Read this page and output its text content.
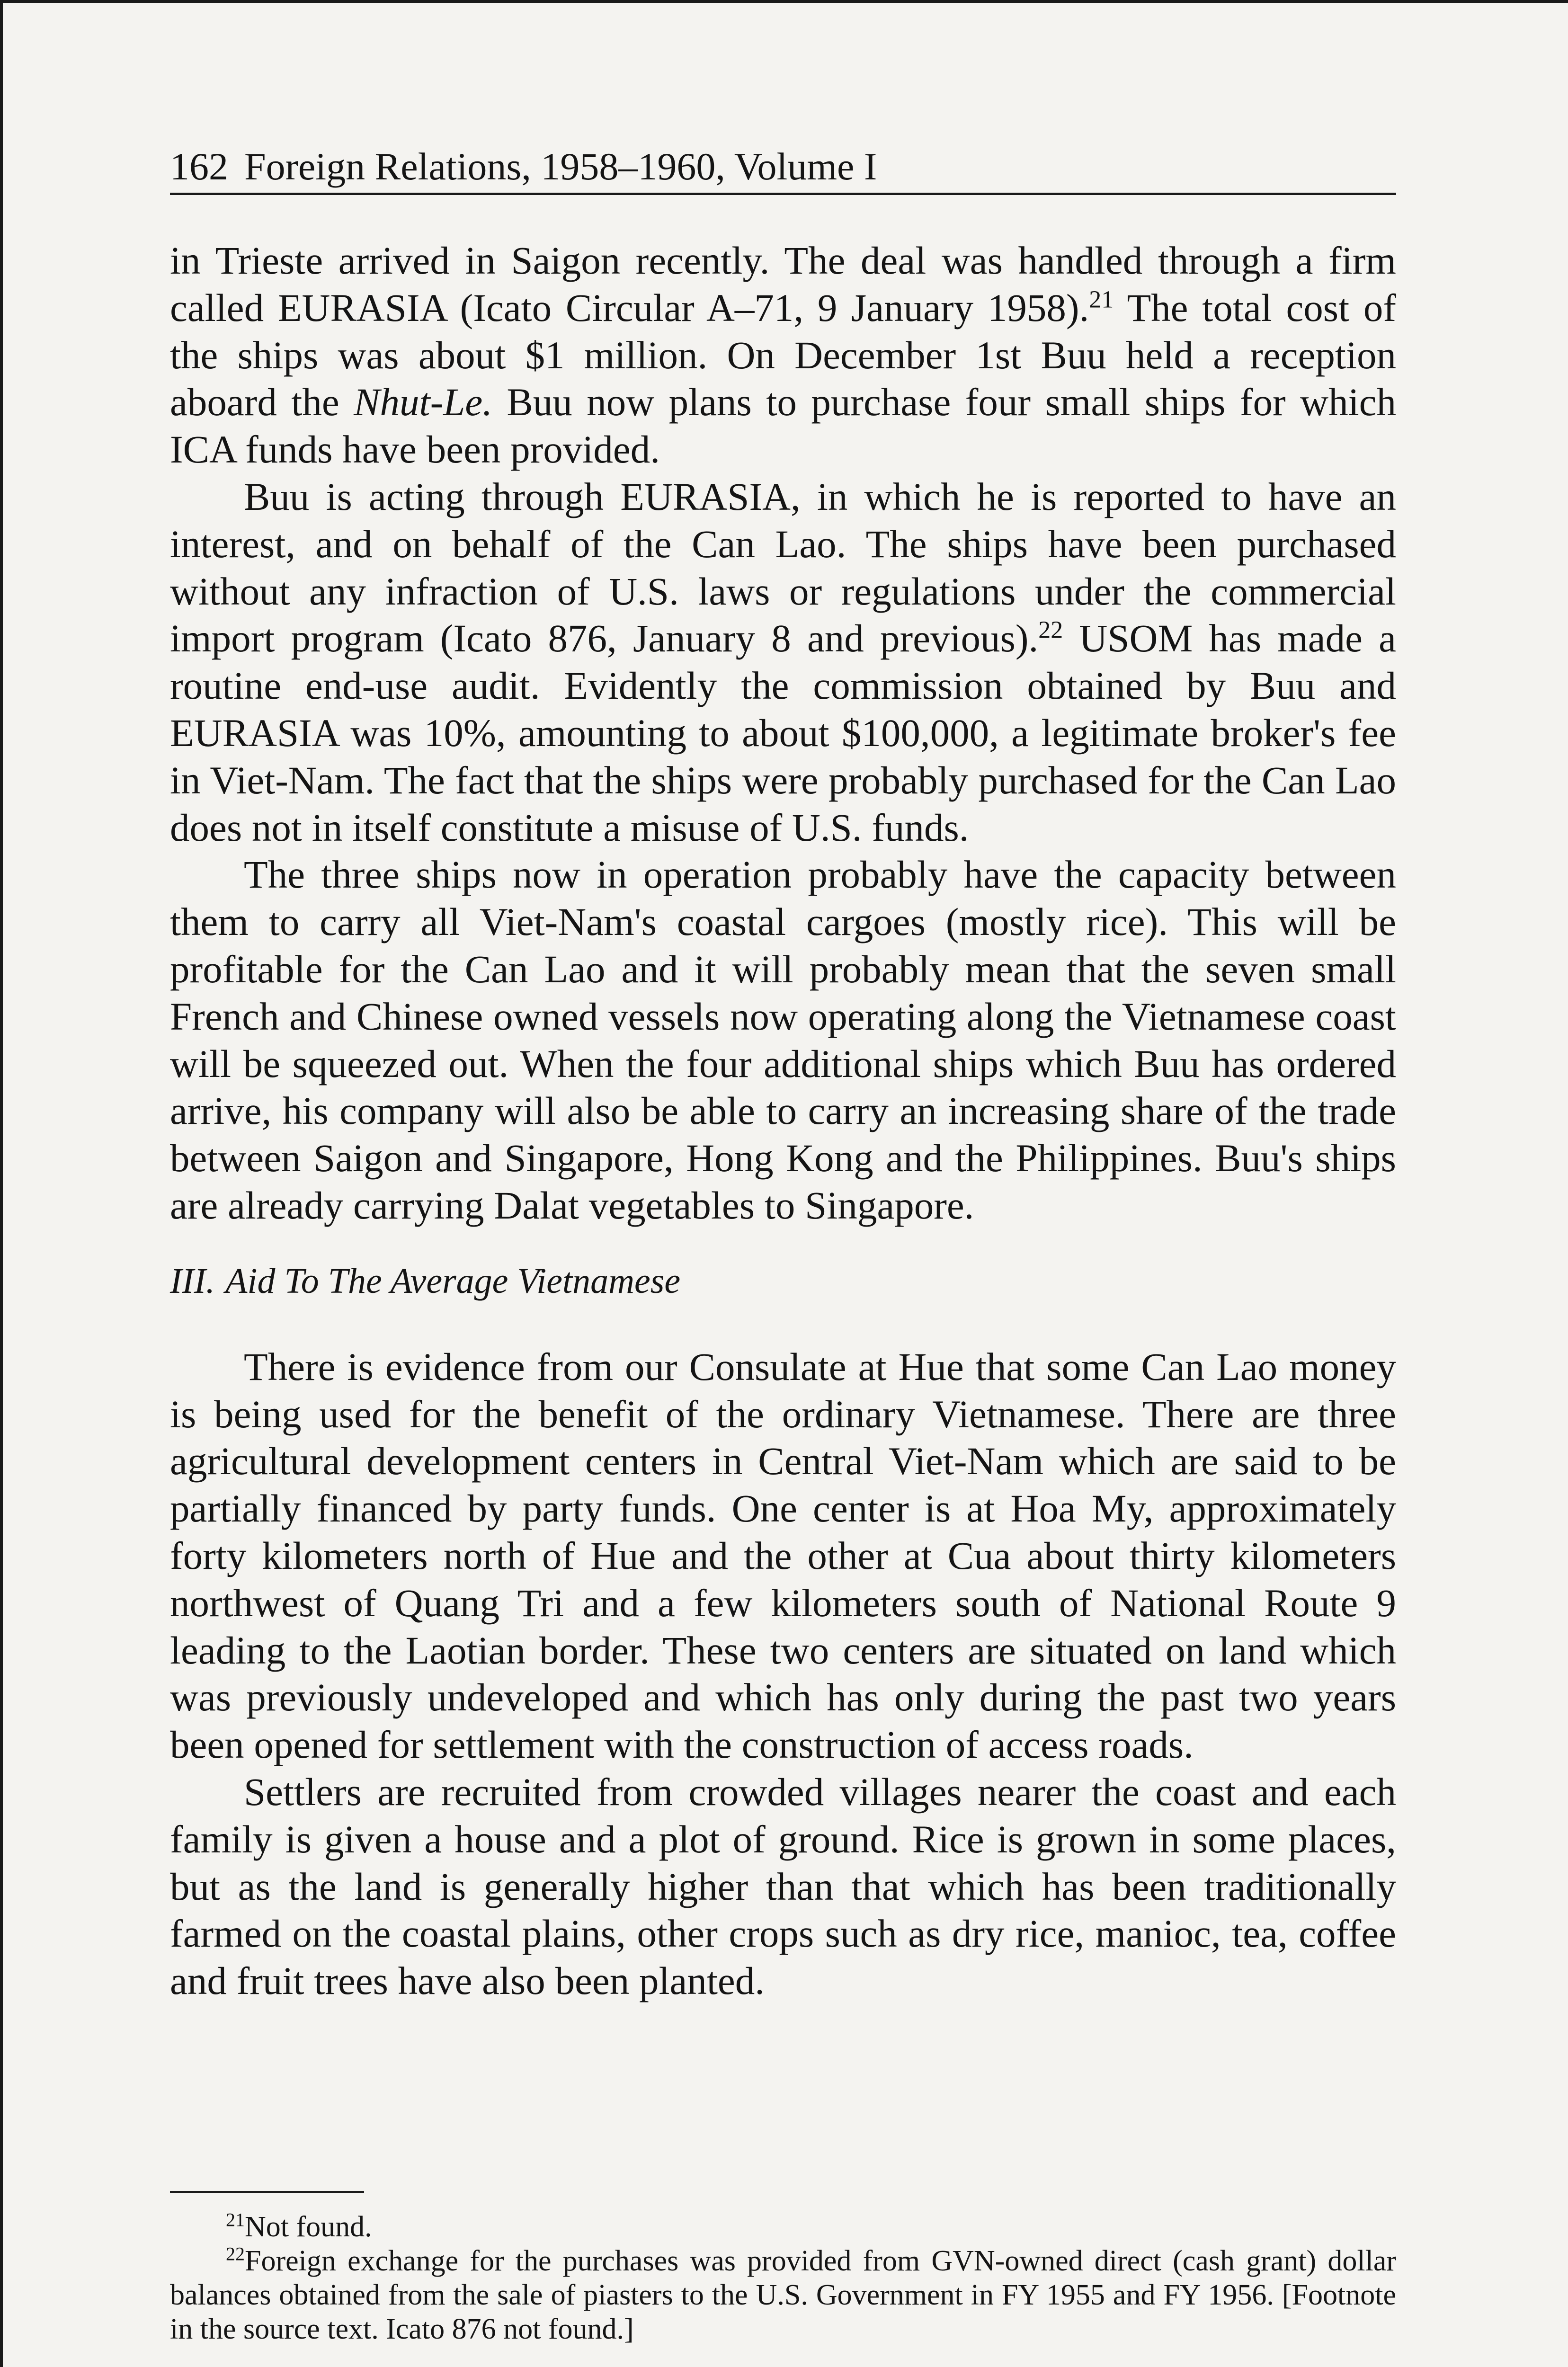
162 Foreign Relations, 1958–1960, Volume I

in Trieste arrived in Saigon recently. The deal was handled through a firm called EURASIA (Icato Circular A–71, 9 January 1958).$^{21}$ The total cost of the ships was about $1 million. On December 1st Buu held a reception aboard the Nhut-Le. Buu now plans to purchase four small ships for which ICA funds have been provided.

Buu is acting through EURASIA, in which he is reported to have an interest, and on behalf of the Can Lao. The ships have been purchased without any infraction of U.S. laws or regulations under the commercial import program (Icato 876, January 8 and previous).$^{22}$ USOM has made a routine end-use audit. Evidently the commission obtained by Buu and EURASIA was 10%, amounting to about $100,000, a legitimate broker's fee in Viet-Nam. The fact that the ships were probably purchased for the Can Lao does not in itself constitute a misuse of U.S. funds.

The three ships now in operation probably have the capacity between them to carry all Viet-Nam's coastal cargoes (mostly rice). This will be profitable for the Can Lao and it will probably mean that the seven small French and Chinese owned vessels now operating along the Vietnamese coast will be squeezed out. When the four additional ships which Buu has ordered arrive, his company will also be able to carry an increasing share of the trade between Saigon and Singapore, Hong Kong and the Philippines. Buu's ships are already carrying Dalat vegetables to Singapore.

III. Aid To The Average Vietnamese

There is evidence from our Consulate at Hue that some Can Lao money is being used for the benefit of the ordinary Vietnamese. There are three agricultural development centers in Central Viet-Nam which are said to be partially financed by party funds. One center is at Hoa My, approximately forty kilometers north of Hue and the other at Cua about thirty kilometers northwest of Quang Tri and a few kilometers south of National Route 9 leading to the Laotian border. These two centers are situated on land which was previously undeveloped and which has only during the past two years been opened for settlement with the construction of access roads.

Settlers are recruited from crowded villages nearer the coast and each family is given a house and a plot of ground. Rice is grown in some places, but as the land is generally higher than that which has been traditionally farmed on the coastal plains, other crops such as dry rice, manioc, tea, coffee and fruit trees have also been planted.

$^{21}$Not found.

$^{22}$Foreign exchange for the purchases was provided from GVN-owned direct (cash grant) dollar balances obtained from the sale of piasters to the U.S. Government in FY 1955 and FY 1956. [Footnote in the source text. Icato 876 not found.]
